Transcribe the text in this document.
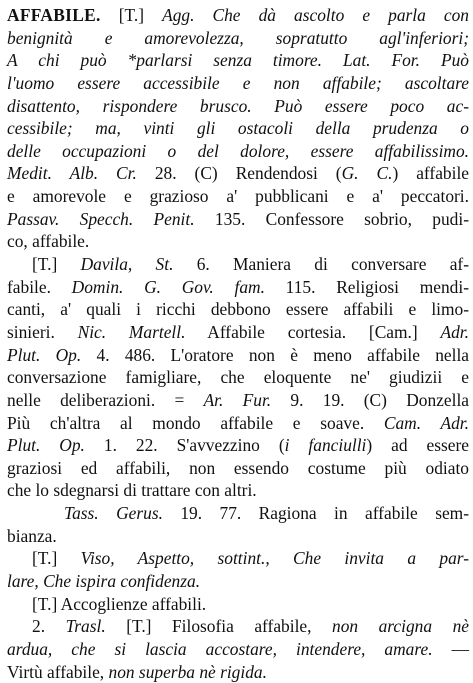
AFFABILE. [T.] Agg. Che dà ascolto e parla con
benignità e amorevolezza, sopratutto agl'inferiori;
A chi può *parlarsi senza timore. Lat. For. Può
l'uomo essere accessibile e non affabile; ascoltare
disattento, rispondere brusco. Può essere poco ac-
cessibile; ma, vinti gli ostacoli della prudenza o
delle occupazioni o del dolore, essere affabilissimo.
Medit. Alb. Cr. 28. (C) Rendendosi (G. C.) affabile
e amorevole e grazioso a' pubblicani e a' peccatori.
Passav. Specch. Penit. 135. Confessore sobrio, pudi-
co, affabile.
[T.] Davila, St. 6. Maniera di conversare af-
fabile. Domin. G. Gov. fam. 115. Religiosi mendi-
canti, a' quali i ricchi debbono essere affabili e limo-
sinieri. Nic. Martell. Affabile cortesia. [Cam.] Adr.
Plut. Op. 4. 486. L'oratore non è meno affabile nella
conversazione famigliare, che eloquente ne' giudizii e
nelle deliberazioni. = Ar. Fur. 9. 19. (C) Donzella
Più ch'altra al mondo affabile e soave. Cam. Adr.
Plut. Op. 1. 22. S'avvezzino (i fanciulli) ad essere
graziosi ed affabili, non essendo costume più odiato
che lo sdegnarsi di trattare con altri.
Tass. Gerus. 19. 77. Ragiona in affabile sem-
bianza.
[T.] Viso, Aspetto, sottint., Che invita a par-
lare, Che ispira confidenza.
[T.] Accoglienze affabili.
2. Trasl. [T.] Filosofia affabile, non arcigna nè
ardua, che si lascia accostare, intendere, amare. —
Virtù affabile, non superba nè rigida.
